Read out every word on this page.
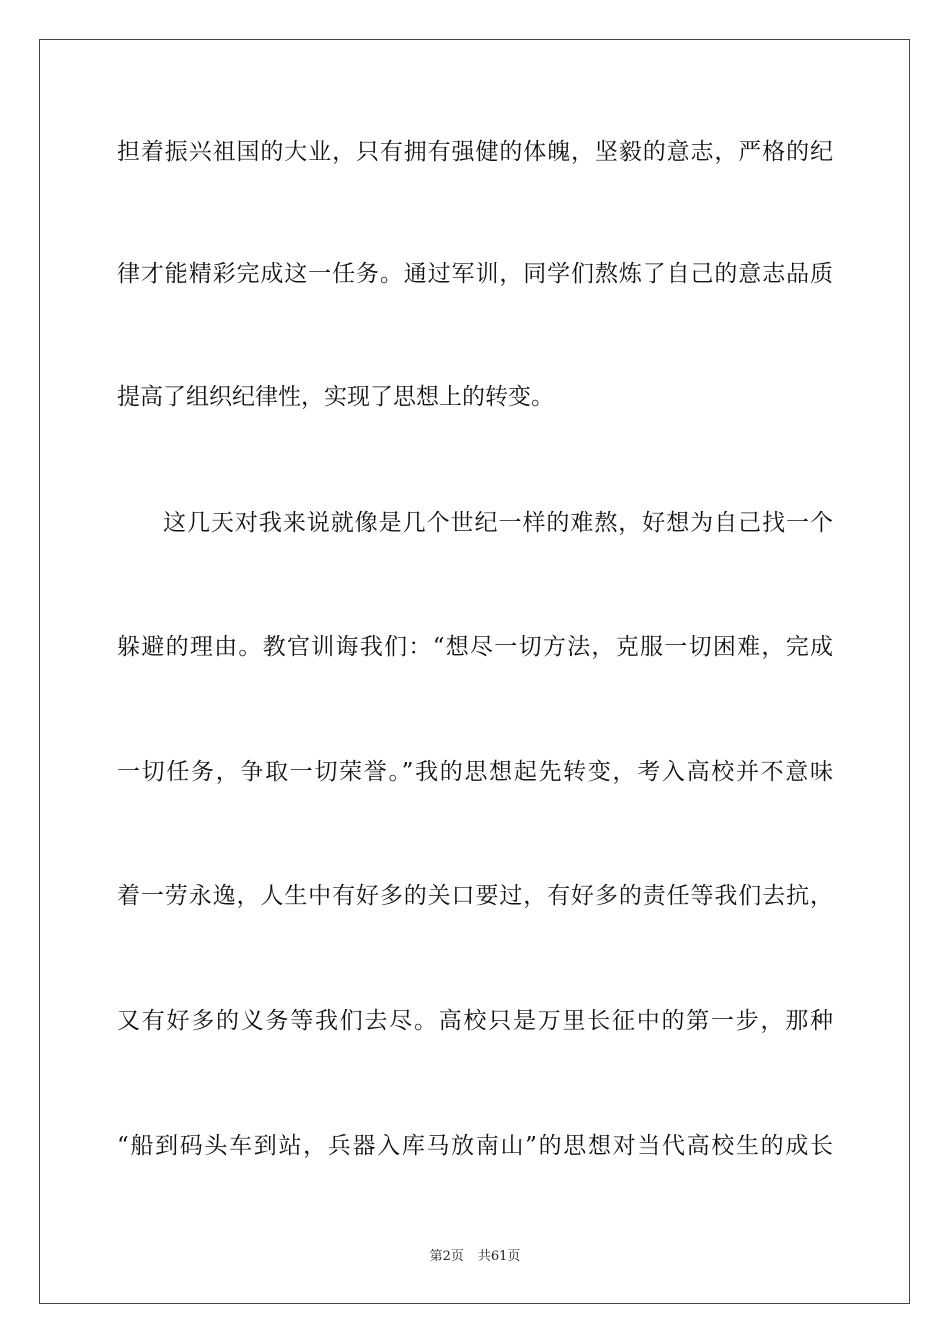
担着振兴祖国的大业，只有拥有强健的体魄，坚毅的意志，严格的纪
律才能精彩完成这一任务。通过军训，同学们熬炼了自己的意志品质
提高了组织纪律性，实现了思想上的转变。
这几天对我来说就像是几个世纪一样的难熬，好想为自己找一个
躲避的理由。教官训诲我们：“想尽一切方法，克服一切困难，完成
一切任务，争取一切荣誉。”我的思想起先转变，考入高校并不意味
着一劳永逸，人生中有好多的关口要过，有好多的责任等我们去抗，
又有好多的义务等我们去尽。高校只是万里长征中的第一步，那种
“船到码头车到站，兵器入库马放南山”的思想对当代高校生的成长
第2页 共61页
